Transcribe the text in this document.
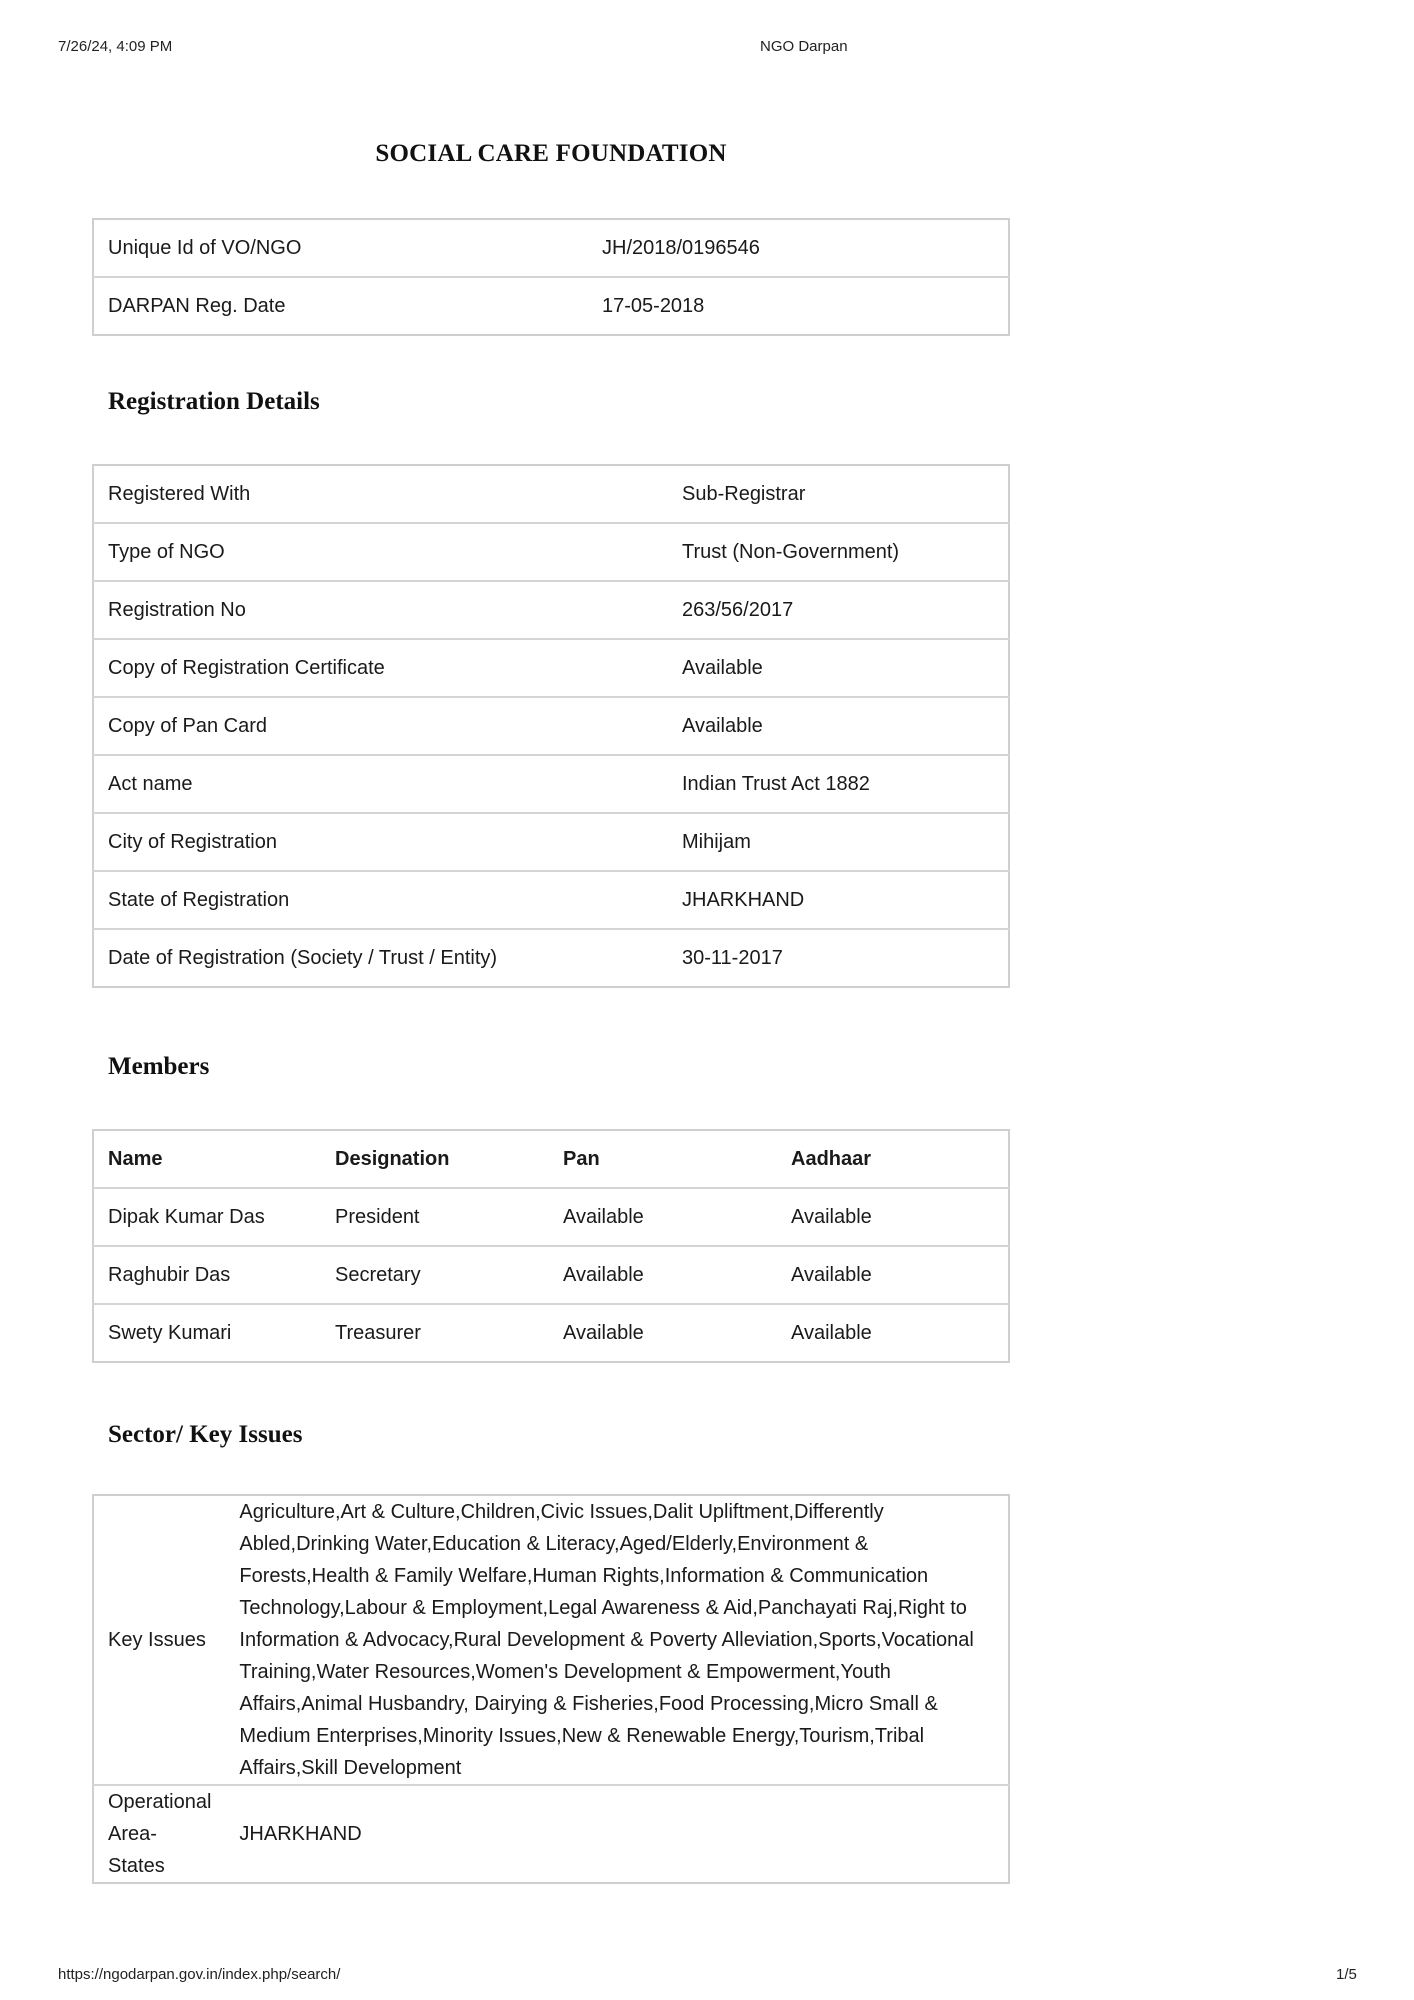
7/26/24, 4:09 PM	NGO Darpan
SOCIAL CARE FOUNDATION
Unique Id of VO/NGO	JH/2018/0196546
DARPAN Reg. Date	17-05-2018
Registration Details
Registered With	Sub-Registrar
Type of NGO	Trust (Non-Government)
Registration No	263/56/2017
Copy of Registration Certificate	Available
Copy of Pan Card	Available
Act name	Indian Trust Act 1882
City of Registration	Mihijam
State of Registration	JHARKHAND
Date of Registration (Society / Trust / Entity)	30-11-2017
Members
Name	Designation	Pan	Aadhaar
Dipak Kumar Das	President	Available	Available
Raghubir Das	Secretary	Available	Available
Swety Kumari	Treasurer	Available	Available
Sector/ Key Issues
Key Issues	Agriculture,Art & Culture,Children,Civic Issues,Dalit Upliftment,Differently Abled,Drinking Water,Education & Literacy,Aged/Elderly,Environment & Forests,Health & Family Welfare,Human Rights,Information & Communication Technology,Labour & Employment,Legal Awareness & Aid,Panchayati Raj,Right to Information & Advocacy,Rural Development & Poverty Alleviation,Sports,Vocational Training,Water Resources,Women's Development & Empowerment,Youth Affairs,Animal Husbandry, Dairying & Fisheries,Food Processing,Micro Small & Medium Enterprises,Minority Issues,New & Renewable Energy,Tourism,Tribal Affairs,Skill Development
Operational Area-States	JHARKHAND
https://ngodarpan.gov.in/index.php/search/	1/5
